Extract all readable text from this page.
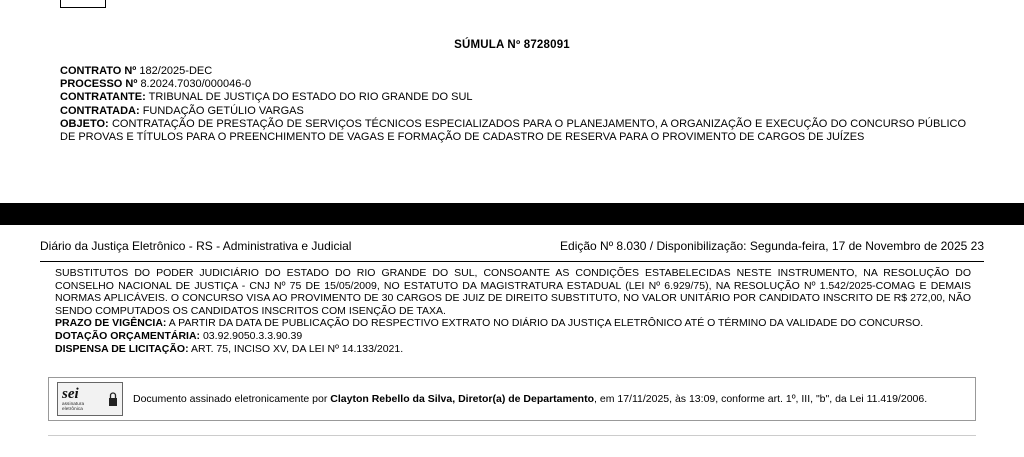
SÚMULA Nº 8728091
CONTRATO Nº 182/2025-DEC
PROCESSO Nº 8.2024.7030/000046-0
CONTRATANTE: TRIBUNAL DE JUSTIÇA DO ESTADO DO RIO GRANDE DO SUL
CONTRATADA: FUNDAÇÃO GETÚLIO VARGAS
OBJETO: CONTRATAÇÃO DE PRESTAÇÃO DE SERVIÇOS TÉCNICOS ESPECIALIZADOS PARA O PLANEJAMENTO, A ORGANIZAÇÃO E EXECUÇÃO DO CONCURSO PÚBLICO DE PROVAS E TÍTULOS PARA O PREENCHIMENTO DE VAGAS E FORMAÇÃO DE CADASTRO DE RESERVA PARA O PROVIMENTO DE CARGOS DE JUÍZES
Diário da Justiça Eletrônico - RS - Administrativa e Judicial	Edição Nº 8.030 / Disponibilização: Segunda-feira, 17 de Novembro de 2025 23

SUBSTITUTOS DO PODER JUDICIÁRIO DO ESTADO DO RIO GRANDE DO SUL, CONSOANTE AS CONDIÇÕES ESTABELECIDAS NESTE INSTRUMENTO, NA RESOLUÇÃO DO CONSELHO NACIONAL DE JUSTIÇA - CNJ Nº 75 DE 15/05/2009, NO ESTATUTO DA MAGISTRATURA ESTADUAL (LEI Nº 6.929/75), NA RESOLUÇÃO Nº 1.542/2025-COMAG E DEMAIS NORMAS APLICÁVEIS. O CONCURSO VISA AO PROVIMENTO DE 30 CARGOS DE JUIZ DE DIREITO SUBSTITUTO, NO VALOR UNITÁRIO POR CANDIDATO INSCRITO DE R$ 272,00, NÃO SENDO COMPUTADOS OS CANDIDATOS INSCRITOS COM ISENÇÃO DE TAXA.

PRAZO DE VIGÊNCIA: A PARTIR DA DATA DE PUBLICAÇÃO DO RESPECTIVO EXTRATO NO DIÁRIO DA JUSTIÇA ELETRÔNICO ATÉ O TÉRMINO DA VALIDADE DO CONCURSO.

DOTAÇÃO ORÇAMENTÁRIA: 03.92.9050.3.3.90.39

DISPENSA DE LICITAÇÃO: ART. 75, INCISO XV, DA LEI Nº 14.133/2021.

sei
assinatura
eletrônica
Documento assinado eletronicamente por Clayton Rebello da Silva, Diretor(a) de Departamento, em 17/11/2025, às 13:09, conforme art. 1º, III, "b", da Lei 11.419/2006.
